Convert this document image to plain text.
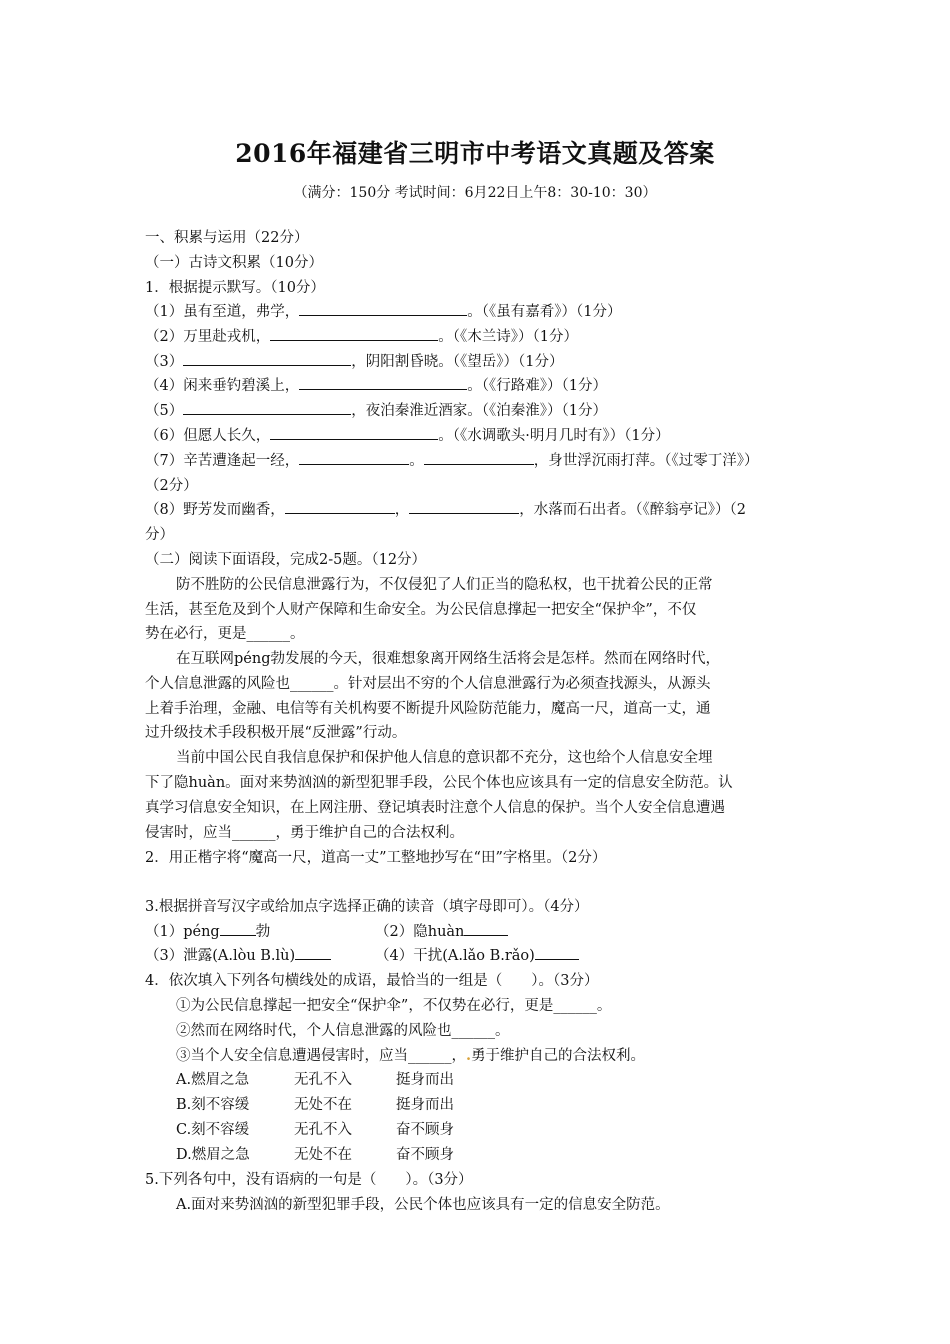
2016年福建省三明市中考语文真题及答案
（满分：150分 考试时间：6月22日上午8：30-10：30）
一、积累与运用（22分）
（一）古诗文积累（10分）
1．根据提示默写。（10分）
（1）虽有至道，弗学，	。（《虽有嘉肴》）（1分）
（2）万里赴戎机，	。（《木兰诗》）（1分）
（3）	，阴阳割昏晓。（《望岳》）（1分）
（4）闲来垂钓碧溪上，	。（《行路难》）（1分）
（5）	，夜泊秦淮近酒家。（《泊秦淮》）（1分）
（6）但愿人长久，	。（《水调歌头·明月几时有》）（1分）
（7）辛苦遭逢起一经，	。	，身世浮沉雨打萍。（《过零丁洋》）
（2分）
（8）野芳发而幽香，	，	，水落而石出者。（《醉翁亭记》）（2
分）
（二）阅读下面语段，完成2-5题。（12分）
防不胜防的公民信息泄露行为，不仅侵犯了人们正当的隐私权，也干扰着公民的正常
生活，甚至危及到个人财产保障和生命安全。为公民信息撑起一把安全“保护伞”，不仅
势在必行，更是______。
在互联网péng勃发展的今天，很难想象离开网络生活将会是怎样。然而在网络时代，
个人信息泄露的风险也______。针对层出不穷的个人信息泄露行为必须查找源头，从源头
上着手治理，金融、电信等有关机构要不断提升风险防范能力，魔高一尺，道高一丈，通
过升级技术手段积极开展“反泄露”行动。
当前中国公民自我信息保护和保护他人信息的意识都不充分，这也给个人信息安全埋
下了隐huàn。面对来势汹汹的新型犯罪手段，公民个体也应该具有一定的信息安全防范。认
真学习信息安全知识，在上网注册、登记填表时注意个人信息的保护。当个人安全信息遭遇
侵害时，应当______，勇于维护自己的合法权利。
2．用正楷字将“魔高一尺，道高一丈”工整地抄写在“田”字格里。（2分）
3.根据拼音写汉字或给加点字选择正确的读音（填字母即可）。（4分）
（1）péng 勃	（2）隐huàn
（3）泄露(A.lòu B.lù)	（4）干扰(A.lǎo B.rǎo)
4．依次填入下列各句横线处的成语，最恰当的一组是（　　）。（3分）
①为公民信息撑起一把安全“保护伞”，不仅势在必行，更是______。
②然而在网络时代，个人信息泄露的风险也______。
③当个人安全信息遭遇侵害时，应当______，.勇于维护自己的合法权利。
A.燃眉之急	无孔不入	挺身而出
B.刻不容缓	无处不在	挺身而出
C.刻不容缓	无孔不入	奋不顾身
D.燃眉之急	无处不在	奋不顾身
5.下列各句中，没有语病的一句是（　　）。（3分）
A.面对来势汹汹的新型犯罪手段，公民个体也应该具有一定的信息安全防范。
